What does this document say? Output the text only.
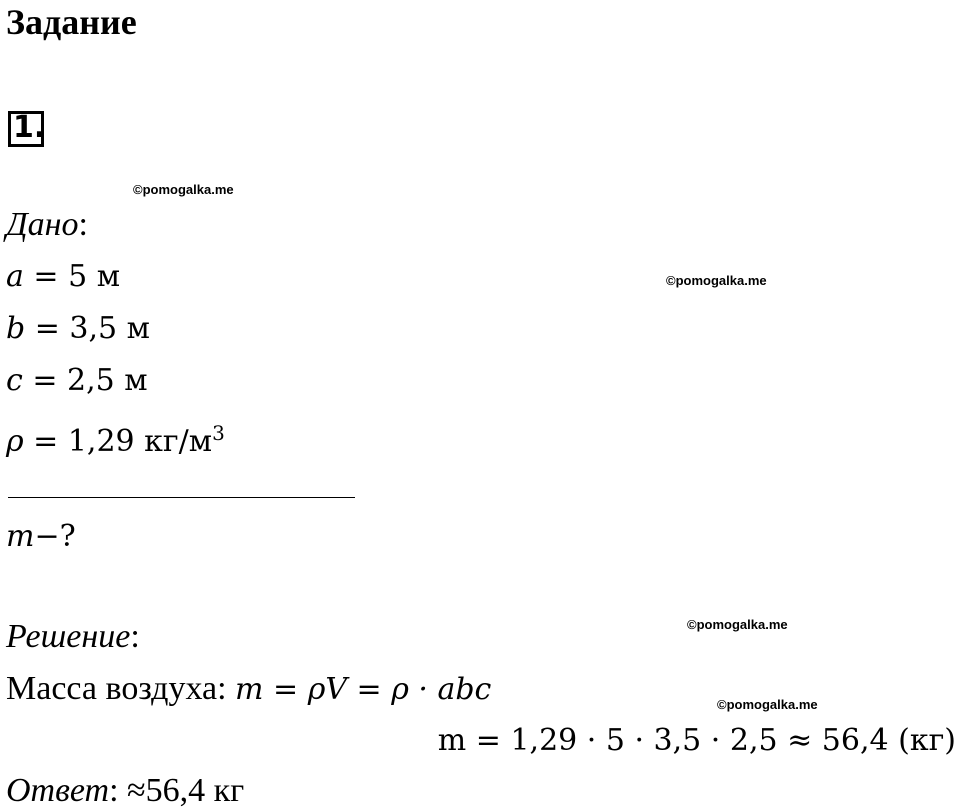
Задание
1.
©pomogalka.me
Дано:
a = 5 м	©pomogalka.me
b = 3,5 м
c = 2,5 м
ρ = 1,29 $кг/м^3$
m−?
Решение:	©pomogalka.me
Масса воздуха: m = ρV = ρ · abc	©pomogalka.me
m = 1,29 · 5 · 3,5 · 2,5 ≈ 56,4 (кг)
Ответ: ≈56,4 кг
